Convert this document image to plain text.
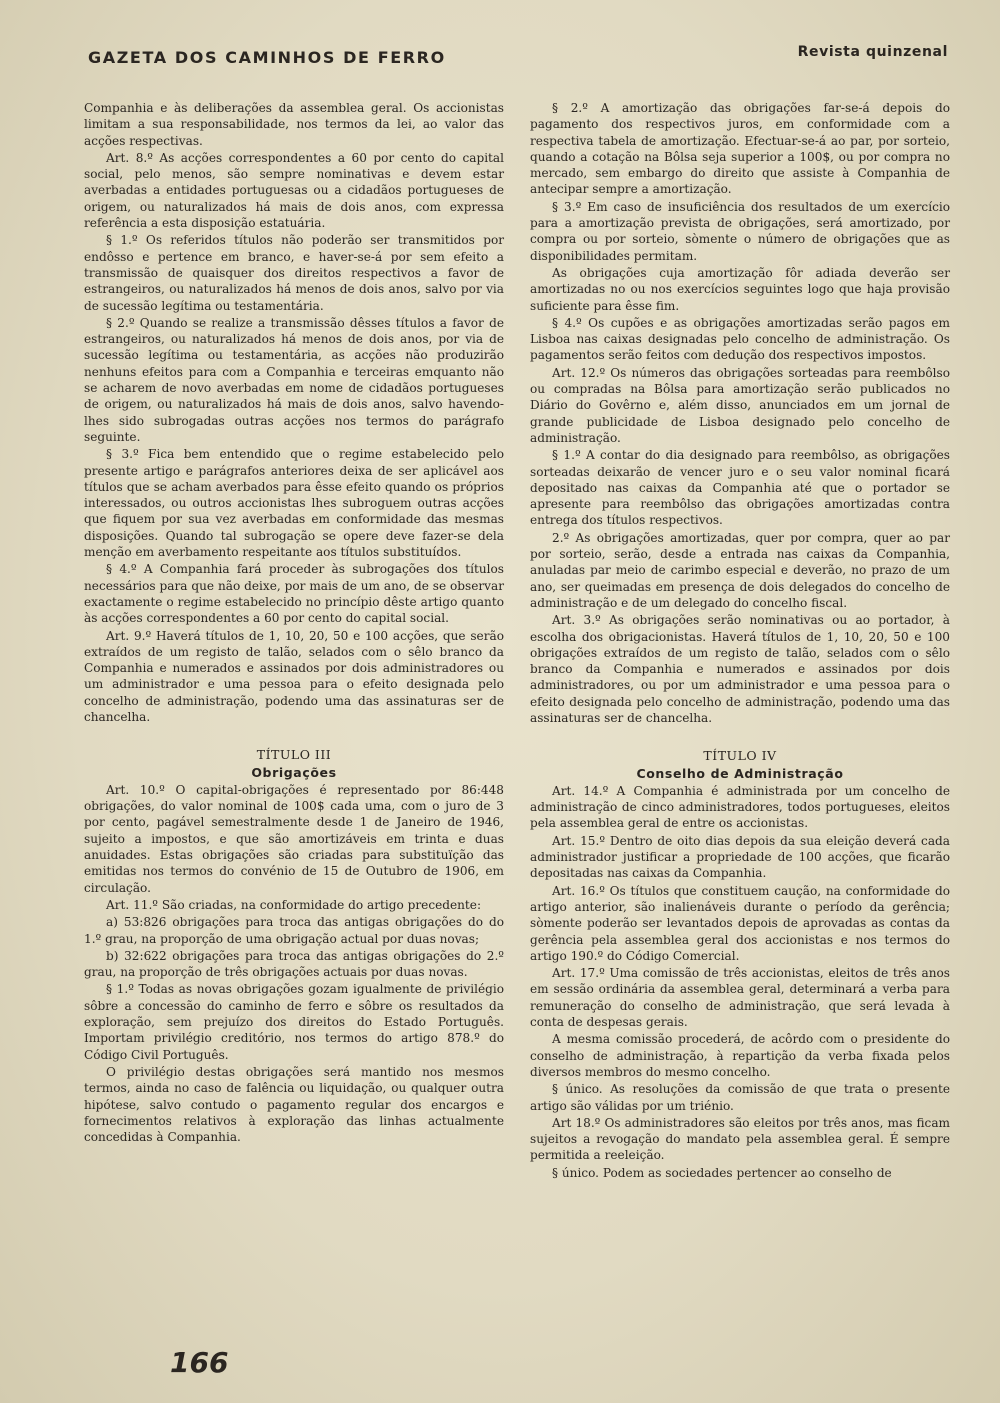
GAZETA DOS CAMINHOS DE FERRO	Revista quinzenal

Companhia e às deliberações da assemblea geral. Os accionistas limitam a sua responsabilidade, nos termos da lei, ao valor das acções respectivas.

Art. 8.º As acções correspondentes a 60 por cento do capital social, pelo menos, são sempre nominativas e devem estar averbadas a entidades portuguesas ou a cidadãos portugueses de origem, ou naturalizados há mais de dois anos, com expressa referência a esta disposição estatuária.

§ 1.º Os referidos títulos não poderão ser transmitidos por endôsso e pertence em branco, e haver-se-á por sem efeito a transmissão de quaisquer dos direitos respectivos a favor de estrangeiros, ou naturalizados há menos de dois anos, salvo por via de sucessão legítima ou testamentária.

§ 2.º Quando se realize a transmissão dêsses títulos a favor de estrangeiros, ou naturalizados há menos de dois anos, por via de sucessão legítima ou testamentária, as acções não produzirão nenhuns efeitos para com a Companhia e terceiras emquanto não se acharem de novo averbadas em nome de cidadãos portugueses de origem, ou naturalizados há mais de dois anos, salvo havendo-lhes sido subrogadas outras acções nos termos do parágrafo seguinte.

§ 3.º Fica bem entendido que o regime estabelecido pelo presente artigo e parágrafos anteriores deixa de ser aplicável aos títulos que se acham averbados para êsse efeito quando os próprios interessados, ou outros accionistas lhes subroguem outras acções que fiquem por sua vez averbadas em conformidade das mesmas disposições. Quando tal subrogação se opere deve fazer-se dela menção em averbamento respeitante aos títulos substituídos.

§ 4.º A Companhia fará proceder às subrogações dos títulos necessários para que não deixe, por mais de um ano, de se observar exactamente o regime estabelecido no princípio dêste artigo quanto às acções correspondentes a 60 por cento do capital social.

Art. 9.º Haverá títulos de 1, 10, 20, 50 e 100 acções, que serão extraídos de um registo de talão, selados com o sêlo branco da Companhia e numerados e assinados por dois administradores ou um administrador e uma pessoa para o efeito designada pelo concelho de administração, podendo uma das assinaturas ser de chancelha.

TÍTULO III

Obrigações

Art. 10.º O capital-obrigações é representado por 86:448 obrigações, do valor nominal de 100$ cada uma, com o juro de 3 por cento, pagável semestralmente desde 1 de Janeiro de 1946, sujeito a impostos, e que são amortizáveis em trinta e duas anuidades. Estas obrigações são criadas para substituïção das emitidas nos termos do convénio de 15 de Outubro de 1906, em circulação.

Art. 11.º São criadas, na conformidade do artigo precedente:

a) 53:826 obrigações para troca das antigas obrigações do do 1.º grau, na proporção de uma obrigação actual por duas novas;

b) 32:622 obrigações para troca das antigas obrigações do 2.º grau, na proporção de três obrigações actuais por duas novas.

§ 1.º Todas as novas obrigações gozam igualmente de privilégio sôbre a concessão do caminho de ferro e sôbre os resultados da exploração, sem prejuízo dos direitos do Estado Português. Importam privilégio creditório, nos termos do artigo 878.º do Código Civil Português.

O privilégio destas obrigações será mantido nos mesmos termos, ainda no caso de falência ou liquidação, ou qualquer outra hipótese, salvo contudo o pagamento regular dos encargos e fornecimentos relativos à exploração das linhas actualmente concedidas à Companhia.

§ 2.º A amortização das obrigações far-se-á depois do pagamento dos respectivos juros, em conformidade com a respectiva tabela de amortização. Efectuar-se-á ao par, por sorteio, quando a cotação na Bôlsa seja superior a 100$, ou por compra no mercado, sem embargo do direito que assiste à Companhia de antecipar sempre a amortização.

§ 3.º Em caso de insuficiência dos resultados de um exercício para a amortização prevista de obrigações, será amortizado, por compra ou por sorteio, sòmente o número de obrigações que as disponibilidades permitam.

As obrigações cuja amortização fôr adiada deverão ser amortizadas no ou nos exercícios seguintes logo que haja provisão suficiente para êsse fim.

§ 4.º Os cupões e as obrigações amortizadas serão pagos em Lisboa nas caixas designadas pelo concelho de administração. Os pagamentos serão feitos com dedução dos respectivos impostos.

Art. 12.º Os números das obrigações sorteadas para reembôlso ou compradas na Bôlsa para amortização serão publicados no Diário do Govêrno e, além disso, anunciados em um jornal de grande publicidade de Lisboa designado pelo concelho de administração.

§ 1.º A contar do dia designado para reembôlso, as obrigações sorteadas deixarão de vencer juro e o seu valor nominal ficará depositado nas caixas da Companhia até que o portador se apresente para reembôlso das obrigações amortizadas contra entrega dos títulos respectivos.

2.º As obrigações amortizadas, quer por compra, quer ao par por sorteio, serão, desde a entrada nas caixas da Companhia, anuladas par meio de carimbo especial e deverão, no prazo de um ano, ser queimadas em presença de dois delegados do concelho de administração e de um delegado do concelho fiscal.

Art. 3.º As obrigações serão nominativas ou ao portador, à escolha dos obrigacionistas. Haverá títulos de 1, 10, 20, 50 e 100 obrigações extraídos de um registo de talão, selados com o sêlo branco da Companhia e numerados e assinados por dois administradores, ou por um administrador e uma pessoa para o efeito designada pelo concelho de administração, podendo uma das assinaturas ser de chancelha.

TÍTULO IV

Conselho de Administração

Art. 14.º A Companhia é administrada por um concelho de administração de cinco administradores, todos portugueses, eleitos pela assemblea geral de entre os accionistas.

Art. 15.º Dentro de oito dias depois da sua eleição deverá cada administrador justificar a propriedade de 100 acções, que ficarão depositadas nas caixas da Companhia.

Art. 16.º Os títulos que constituem caução, na conformidade do artigo anterior, são inalienáveis durante o período da gerência; sòmente poderão ser levantados depois de aprovadas as contas da gerência pela assemblea geral dos accionistas e nos termos do artigo 190.º do Código Comercial.

Art. 17.º Uma comissão de três accionistas, eleitos de três anos em sessão ordinária da assemblea geral, determinará a verba para remuneração do conselho de administração, que será levada à conta de despesas gerais.

A mesma comissão procederá, de acôrdo com o presidente do conselho de administração, à repartição da verba fixada pelos diversos membros do mesmo concelho.

§ único. As resoluções da comissão de que trata o presente artigo são válidas por um triénio.

Art 18.º Os administradores são eleitos por três anos, mas ficam sujeitos a revogação do mandato pela assemblea geral. É sempre permitida a reeleição.

§ único. Podem as sociedades pertencer ao conselho de

166
